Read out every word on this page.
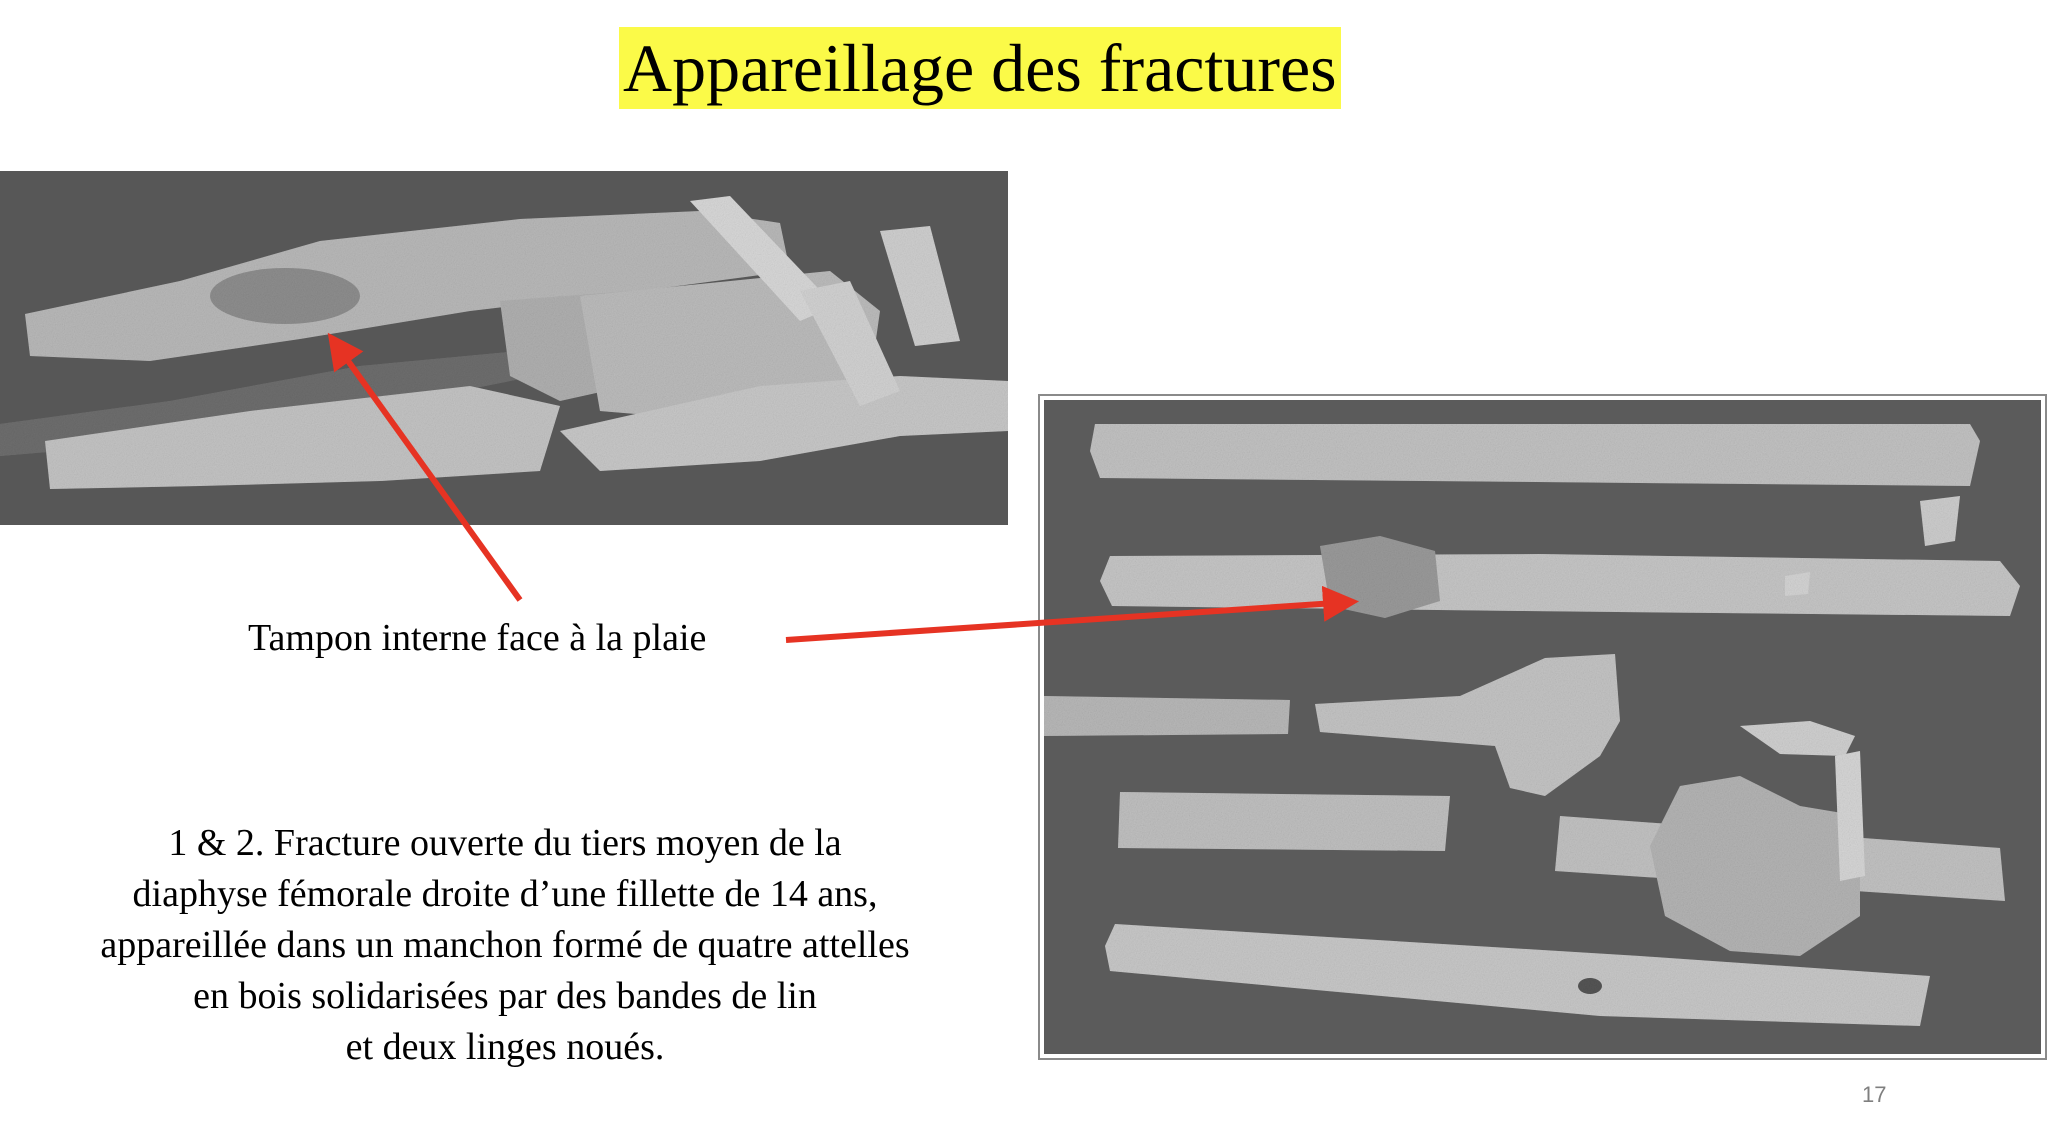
Appareillage des fractures
Tampon interne face à la plaie
1 & 2. Fracture ouverte du tiers moyen de la
diaphyse fémorale droite d’une fillette de 14 ans,
appareillée dans un manchon formé de quatre attelles
en bois solidarisées par des bandes de lin
et deux linges noués.
17
